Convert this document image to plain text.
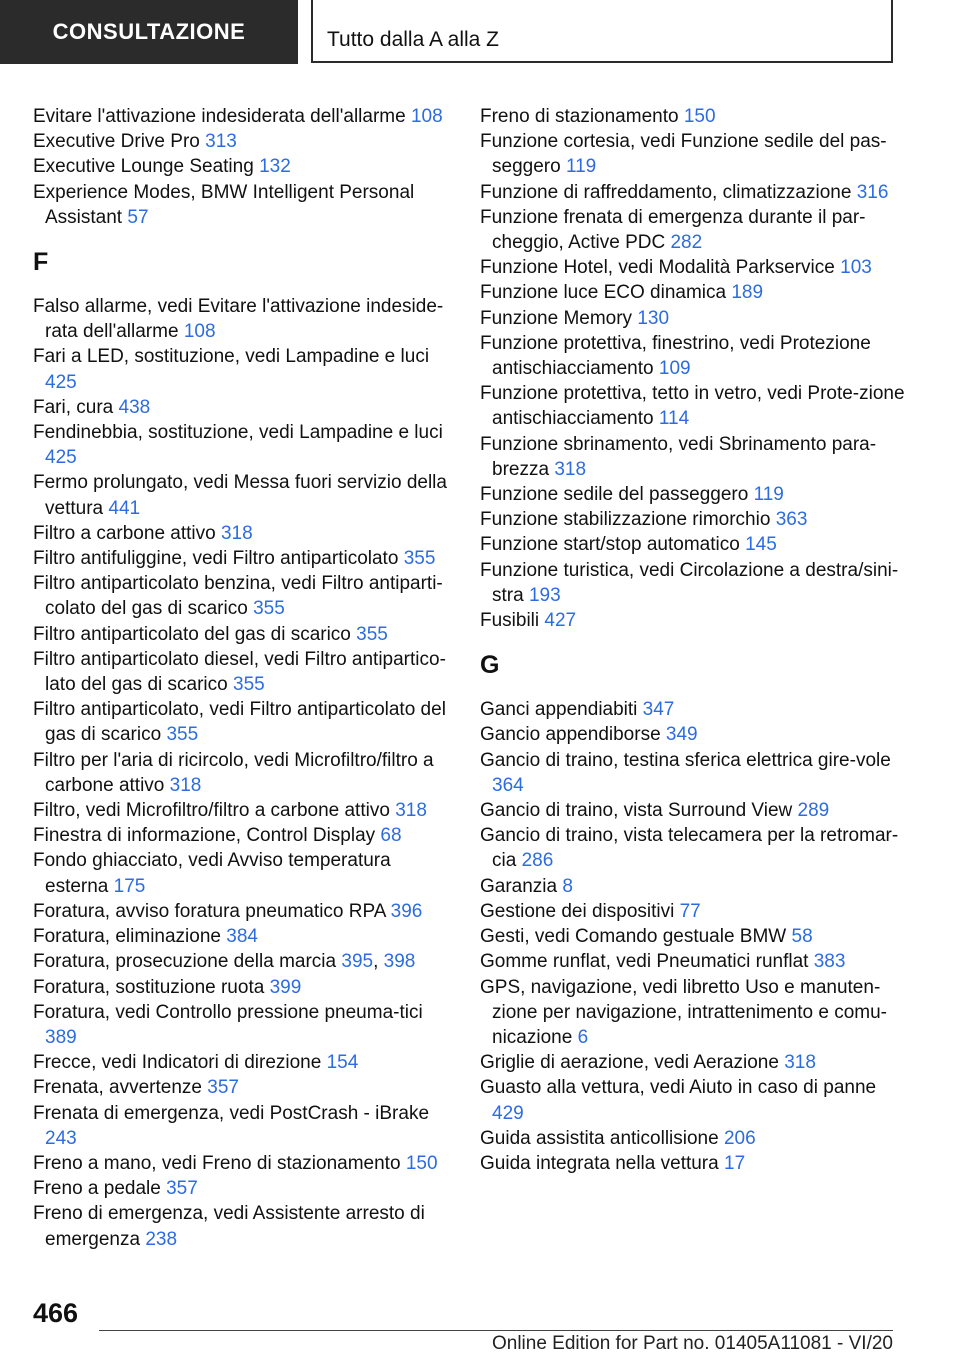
CONSULTAZIONE	Tutto dalla A alla Z
Evitare l'attivazione indesiderata dell'allarme 108
Executive Drive Pro 313
Executive Lounge Seating 132
Experience Modes, BMW Intelligent Personal Assistant 57
F
Falso allarme, vedi Evitare l'attivazione indeside-rata dell'allarme 108
Fari a LED, sostituzione, vedi Lampadine e luci 425
Fari, cura 438
Fendinebbia, sostituzione, vedi Lampadine e luci 425
Fermo prolungato, vedi Messa fuori servizio della vettura 441
Filtro a carbone attivo 318
Filtro antifuliggine, vedi Filtro antiparticolato 355
Filtro antiparticolato benzina, vedi Filtro antiparti-colato del gas di scarico 355
Filtro antiparticolato del gas di scarico 355
Filtro antiparticolato diesel, vedi Filtro antipartico-lato del gas di scarico 355
Filtro antiparticolato, vedi Filtro antiparticolato del gas di scarico 355
Filtro per l'aria di ricircolo, vedi Microfiltro/filtro a carbone attivo 318
Filtro, vedi Microfiltro/filtro a carbone attivo 318
Finestra di informazione, Control Display 68
Fondo ghiacciato, vedi Avviso temperatura esterna 175
Foratura, avviso foratura pneumatico RPA 396
Foratura, eliminazione 384
Foratura, prosecuzione della marcia 395, 398
Foratura, sostituzione ruota 399
Foratura, vedi Controllo pressione pneuma-tici 389
Frecce, vedi Indicatori di direzione 154
Frenata, avvertenze 357
Frenata di emergenza, vedi PostCrash - iBrake 243
Freno a mano, vedi Freno di stazionamento 150
Freno a pedale 357
Freno di emergenza, vedi Assistente arresto di emergenza 238
Freno di stazionamento 150
Funzione cortesia, vedi Funzione sedile del pas-seggero 119
Funzione di raffreddamento, climatizzazione 316
Funzione frenata di emergenza durante il par-cheggio, Active PDC 282
Funzione Hotel, vedi Modalità Parkservice 103
Funzione luce ECO dinamica 189
Funzione Memory 130
Funzione protettiva, finestrino, vedi Protezione antischiacciamento 109
Funzione protettiva, tetto in vetro, vedi Prote-zione antischiacciamento 114
Funzione sbrinamento, vedi Sbrinamento para-brezza 318
Funzione sedile del passeggero 119
Funzione stabilizzazione rimorchio 363
Funzione start/stop automatico 145
Funzione turistica, vedi Circolazione a destra/sini-stra 193
Fusibili 427
G
Ganci appendiabiti 347
Gancio appendiborse 349
Gancio di traino, testina sferica elettrica gire-vole 364
Gancio di traino, vista Surround View 289
Gancio di traino, vista telecamera per la retromar-cia 286
Garanzia 8
Gestione dei dispositivi 77
Gesti, vedi Comando gestuale BMW 58
Gomme runflat, vedi Pneumatici runflat 383
GPS, navigazione, vedi libretto Uso e manuten-zione per navigazione, intrattenimento e comu-nicazione 6
Griglie di aerazione, vedi Aerazione 318
Guasto alla vettura, vedi Aiuto in caso di panne 429
Guida assistita anticollisione 206
Guida integrata nella vettura 17
466
Online Edition for Part no. 01405A11081 - VI/20
